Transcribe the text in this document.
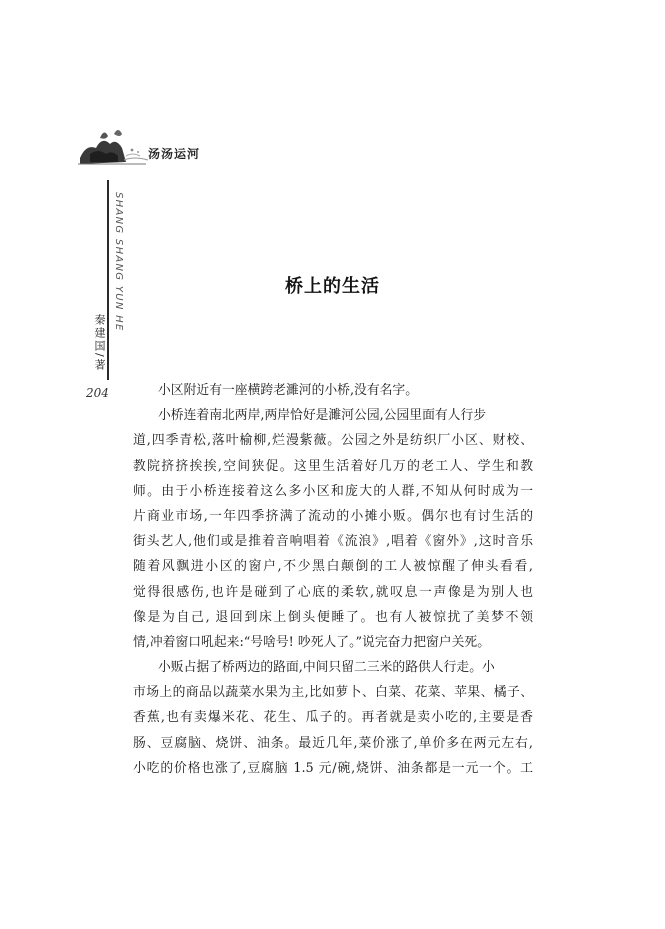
汤汤运河
SHANG SHANG YUN HE
秦建国/著
204
桥上的生活
小区附近有一座横跨老濉河的小桥,没有名字。
小桥连着南北两岸,两岸恰好是濉河公园,公园里面有人行步
道,四季青松,落叶榆柳,烂漫紫薇。公园之外是纺织厂小区、财校、
教院挤挤挨挨,空间狭促。这里生活着好几万的老工人、学生和教
师。由于小桥连接着这么多小区和庞大的人群,不知从何时成为一
片商业市场,一年四季挤满了流动的小摊小贩。偶尔也有讨生活的
街头艺人,他们或是推着音响唱着《流浪》,唱着《窗外》,这时音乐
随着风飘进小区的窗户,不少黑白颠倒的工人被惊醒了伸头看看,
觉得很感伤,也许是碰到了心底的柔软,就叹息一声像是为别人也
像是为自己, 退回到床上倒头便睡了。也有人被惊扰了美梦不领
情,冲着窗口吼起来:“号啥号! 吵死人了。”说完奋力把窗户关死。
小贩占据了桥两边的路面,中间只留二三米的路供人行走。小
市场上的商品以蔬菜水果为主,比如萝卜、白菜、花菜、苹果、橘子、
香蕉,也有卖爆米花、花生、瓜子的。再者就是卖小吃的,主要是香
肠、豆腐脑、烧饼、油条。最近几年,菜价涨了,单价多在两元左右,
小吃的价格也涨了,豆腐脑 1.5 元/碗,烧饼、油条都是一元一个。工
